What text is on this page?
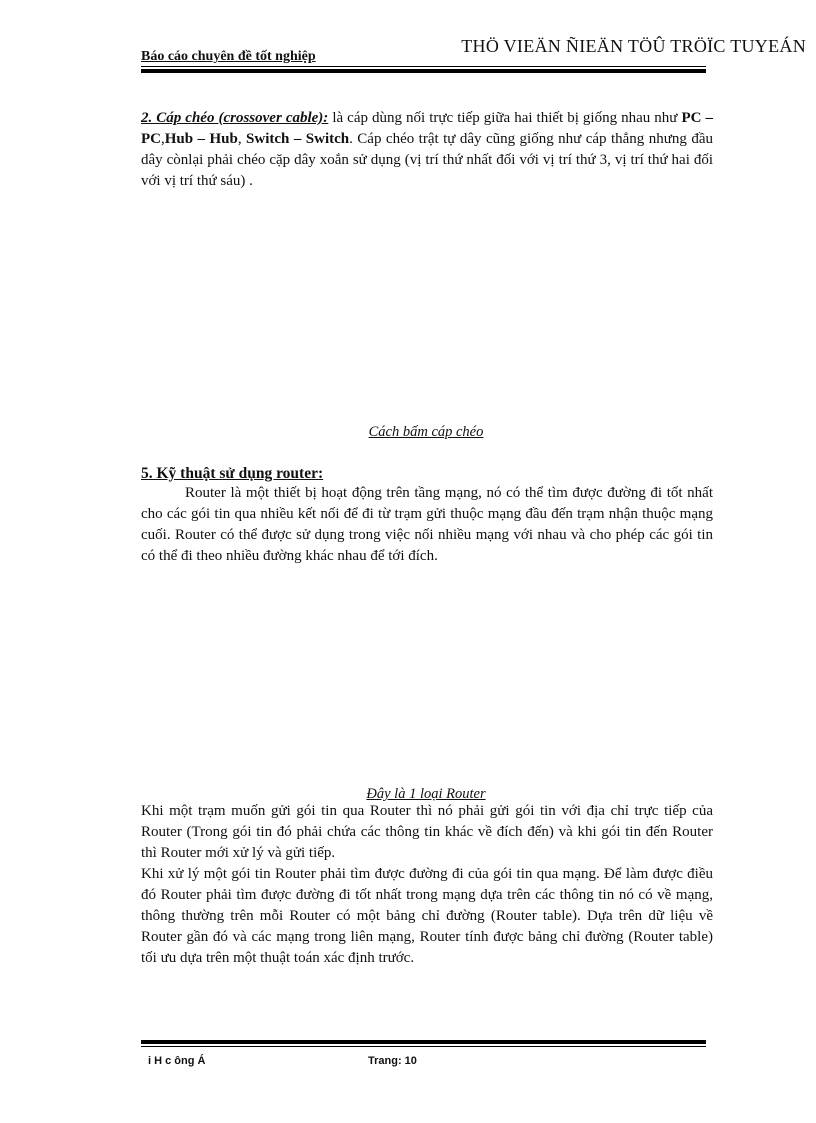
THÖ VIEÄN ÑIEÄN TÖÛ TRÖÏC TUYEÁN
Báo cáo chuyên đề tốt nghiệp

2. Cáp chéo (crossover cable): là cáp dùng nối trực tiếp giữa hai thiết bị giống nhau như PC – PC,Hub – Hub, Switch – Switch. Cáp chéo trật tự dây cũng giống như cáp thẳng nhưng đầu dây cònlại phải chéo cặp dây xoắn sử dụng (vị trí thứ nhất đối với vị trí thứ 3, vị trí thứ hai đối với vị trí thứ sáu) .

Cách bấm cáp chéo
5. Kỹ thuật sử dụng router:

Router là một thiết bị hoạt động trên tầng mạng, nó có thể tìm được đường đi tốt nhất cho các gói tin qua nhiều kết nối để đi từ trạm gửi thuộc mạng đầu đến trạm nhận thuộc mạng cuối. Router có thể được sử dụng trong việc nối nhiều mạng với nhau và cho phép các gói tin có thể đi theo nhiều đường khác nhau để tới đích.

Đây là 1 loại Router

Khi một trạm muốn gửi gói tin qua Router thì nó phải gửi gói tin với địa chỉ trực tiếp của Router (Trong gói tin đó phải chứa các thông tin khác về đích đến) và khi gói tin đến Router thì Router mới xử lý và gửi tiếp.

Khi xử lý một gói tin Router phải tìm được đường đi của gói tin qua mạng. Để làm được điều đó Router phải tìm được đường đi tốt nhất trong mạng dựa trên các thông tin nó có về mạng, thông thường trên mỗi Router có một bảng chỉ đường (Router table). Dựa trên dữ liệu về Router gần đó và các mạng trong liên mạng, Router tính được bảng chỉ đường (Router table) tối ưu dựa trên một thuật toán xác định trước.

i H c ông Á	Trang: 10
